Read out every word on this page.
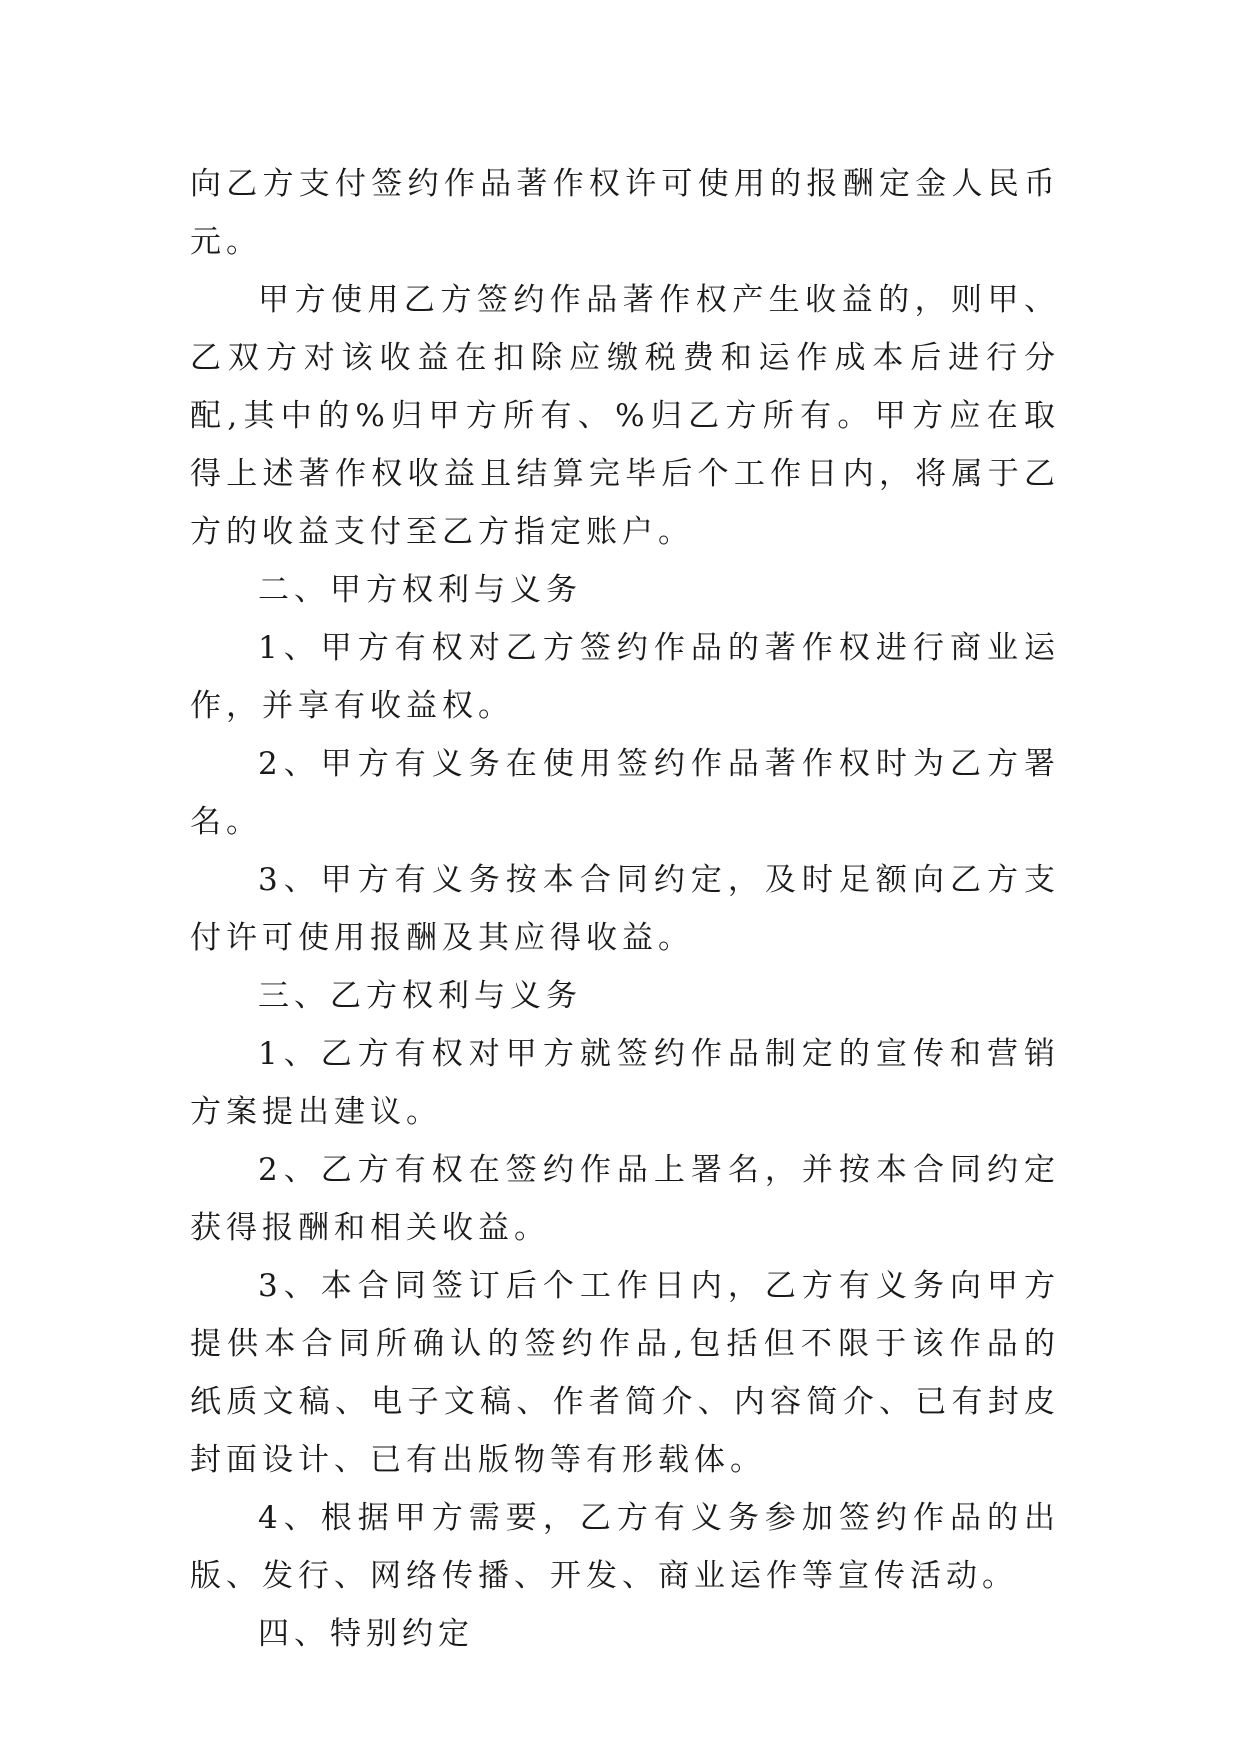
向乙方支付签约作品著作权许可使用的报酬定金人民币元。

甲方使用乙方签约作品著作权产生收益的，则甲、乙双方对该收益在扣除应缴税费和运作成本后进行分配,其中的%归甲方所有、%归乙方所有。甲方应在取得上述著作权收益且结算完毕后个工作日内，将属于乙方的收益支付至乙方指定账户。

二、甲方权利与义务

1、甲方有权对乙方签约作品的著作权进行商业运作，并享有收益权。

2、甲方有义务在使用签约作品著作权时为乙方署名。

3、甲方有义务按本合同约定，及时足额向乙方支付许可使用报酬及其应得收益。

三、乙方权利与义务

1、乙方有权对甲方就签约作品制定的宣传和营销方案提出建议。

2、乙方有权在签约作品上署名，并按本合同约定获得报酬和相关收益。

3、本合同签订后个工作日内，乙方有义务向甲方提供本合同所确认的签约作品,包括但不限于该作品的纸质文稿、电子文稿、作者简介、内容简介、已有封皮封面设计、已有出版物等有形载体。

4、根据甲方需要，乙方有义务参加签约作品的出版、发行、网络传播、开发、商业运作等宣传活动。

四、特别约定
